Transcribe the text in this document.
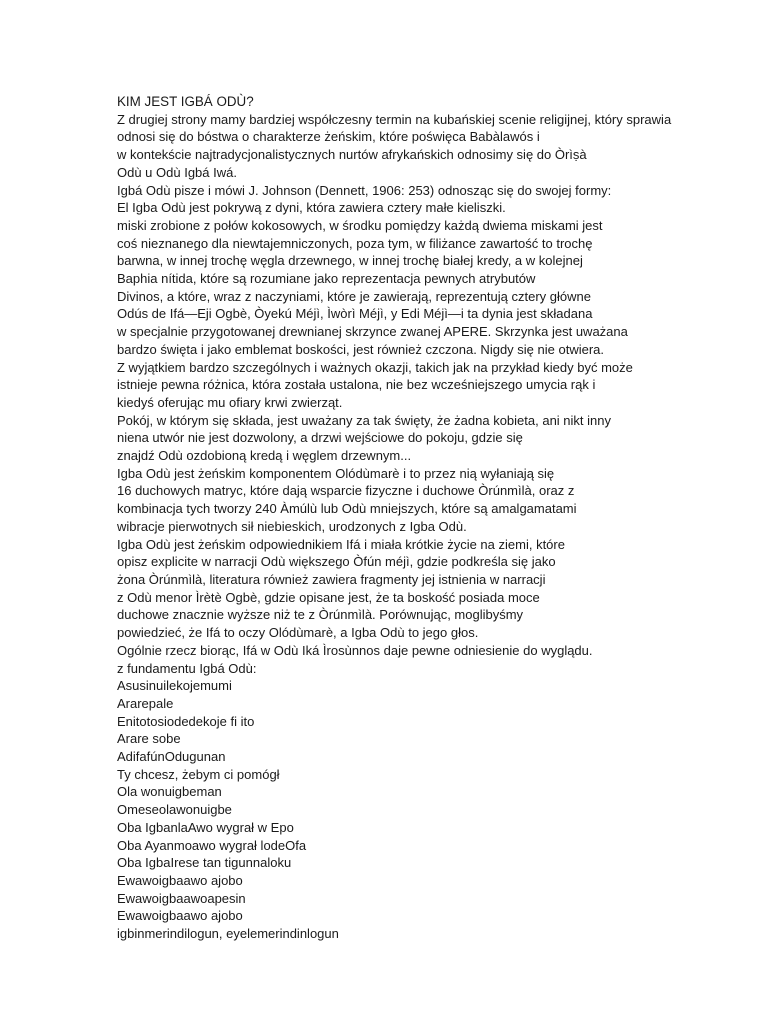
KIM JEST IGBÁ ODÙ?
Z drugiej strony mamy bardziej współczesny termin na kubańskiej scenie religijnej, który sprawia
odnosi się do bóstwa o charakterze żeńskim, które poświęca Babàlawós i
w kontekście najtradycjonalistycznych nurtów afrykańskich odnosimy się do Òrìṣà
Odù u Odù Igbá Iwá.
Igbá Odù pisze i mówi J. Johnson (Dennett, 1906: 253) odnosząc się do swojej formy:
El Igba Odù jest pokrywą z dyni, która zawiera cztery małe kieliszki.
miski zrobione z połów kokosowych, w środku pomiędzy każdą dwiema miskami jest
coś nieznanego dla niewtajemniczonych, poza tym, w filiżance zawartość to trochę
barwna, w innej trochę węgla drzewnego, w innej trochę białej kredy, a w kolejnej
Baphia nítida, które są rozumiane jako reprezentacja pewnych atrybutów
Divinos, a które, wraz z naczyniami, które je zawierają, reprezentują cztery główne
Odús de Ifá—Eji Ogbè, Òyekú Méjì, Ìwòrì Méjì, y Edi Méjì—i ta dynia jest składana
w specjalnie przygotowanej drewnianej skrzynce zwanej APERE. Skrzynka jest uważana
bardzo święta i jako emblemat boskości, jest również czczona. Nigdy się nie otwiera.
Z wyjątkiem bardzo szczególnych i ważnych okazji, takich jak na przykład kiedy być może
istnieje pewna różnica, która została ustalona, nie bez wcześniejszego umycia rąk i
kiedyś oferując mu ofiary krwi zwierząt.
Pokój, w którym się składa, jest uważany za tak święty, że żadna kobieta, ani nikt inny
niena utwór nie jest dozwolony, a drzwi wejściowe do pokoju, gdzie się
znajdź Odù ozdobioną kredą i węglem drzewnym...
Igba Odù jest żeńskim komponentem Olódùmarè i to przez nią wyłaniają się
16 duchowych matryc, które dają wsparcie fizyczne i duchowe Òrúnmìlà, oraz z
kombinacja tych tworzy 240 Àmúlù lub Odù mniejszych, które są amalgamatami
wibracje pierwotnych sił niebieskich, urodzonych z Igba Odù.
Igba Odù jest żeńskim odpowiednikiem Ifá i miała krótkie życie na ziemi, które
opisz explicite w narracji Odù większego Òfún méjì, gdzie podkreśla się jako
żona Òrúnmìlà, literatura również zawiera fragmenty jej istnienia w narracji
z Odù menor Ìrètè Ogbè, gdzie opisane jest, że ta boskość posiada moce
duchowe znacznie wyższe niż te z Òrúnmìlà. Porównując, moglibyśmy
powiedzieć, że Ifá to oczy Olódùmarè, a Igba Odù to jego głos.
Ogólnie rzecz biorąc, Ifá w Odù Iká Ìrosùnnos daje pewne odniesienie do wyglądu.
z fundamentu Igbá Odù:
Asusinuilekojemumi
Ararepale
Enitotosiodedekoje fi ito
Arare sobe
AdifafúnOdugunan
Ty chcesz, żebym ci pomógł
Ola wonuigbeman
Omeseolawonuigbe
Oba IgbanlaAwo wygrał w Epo
Oba Ayanmoawo wygrał lodeOfa
Oba IgbaIrese tan tigunnaloku
Ewawoigbaawo ajobo
Ewawoigbaawoapesin
Ewawoigbaawo ajobo
igbinmerindilogun, eyelemerindinlogun
